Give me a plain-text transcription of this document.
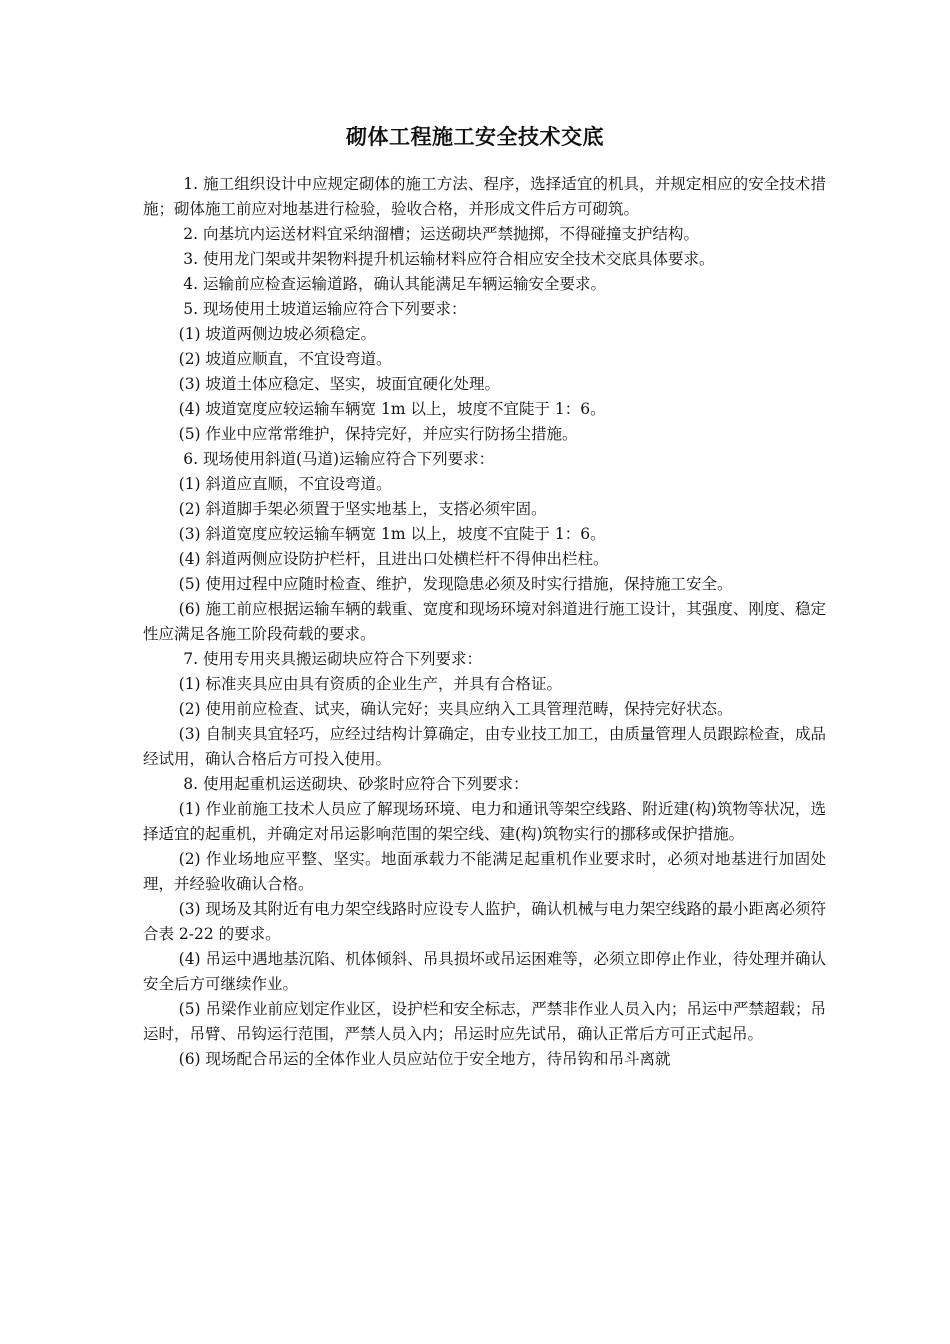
砌体工程施工安全技术交底

1. 施工组织设计中应规定砌体的施工方法、程序，选择适宜的机具，并规定相应的安全技术措施；砌体施工前应对地基进行检验，验收合格，并形成文件后方可砌筑。

2. 向基坑内运送材料宜采纳溜槽；运送砌块严禁抛掷，不得碰撞支护结构。

3. 使用龙门架或井架物料提升机运输材料应符合相应安全技术交底具体要求。

4. 运输前应检查运输道路，确认其能满足车辆运输安全要求。

5. 现场使用土坡道运输应符合下列要求：

(1) 坡道两侧边坡必须稳定。

(2) 坡道应顺直，不宜设弯道。

(3) 坡道土体应稳定、坚实，坡面宜硬化处理。

(4) 坡道宽度应较运输车辆宽 1m 以上，坡度不宜陡于 1：6。

(5) 作业中应常常维护，保持完好，并应实行防扬尘措施。

6. 现场使用斜道(马道)运输应符合下列要求：

(1) 斜道应直顺，不宜设弯道。

(2) 斜道脚手架必须置于坚实地基上，支搭必须牢固。

(3) 斜道宽度应较运输车辆宽 1m 以上，坡度不宜陡于 1：6。

(4) 斜道两侧应设防护栏杆，且进出口处横栏杆不得伸出栏柱。

(5) 使用过程中应随时检查、维护，发现隐患必须及时实行措施，保持施工安全。

(6) 施工前应根据运输车辆的载重、宽度和现场环境对斜道进行施工设计，其强度、刚度、稳定性应满足各施工阶段荷载的要求。

7. 使用专用夹具搬运砌块应符合下列要求：

(1) 标准夹具应由具有资质的企业生产，并具有合格证。

(2) 使用前应检查、试夹，确认完好；夹具应纳入工具管理范畴，保持完好状态。

(3) 自制夹具宜轻巧，应经过结构计算确定，由专业技工加工，由质量管理人员跟踪检查，成品经试用，确认合格后方可投入使用。

8. 使用起重机运送砌块、砂浆时应符合下列要求：

(1) 作业前施工技术人员应了解现场环境、电力和通讯等架空线路、附近建(构)筑物等状况，选择适宜的起重机，并确定对吊运影响范围的架空线、建(构)筑物实行的挪移或保护措施。

(2) 作业场地应平整、坚实。地面承载力不能满足起重机作业要求时，必须对地基进行加固处理，并经验收确认合格。

(3) 现场及其附近有电力架空线路时应设专人监护，确认机械与电力架空线路的最小距离必须符合表 2-22 的要求。

(4) 吊运中遇地基沉陷、机体倾斜、吊具损坏或吊运困难等，必须立即停止作业，待处理并确认安全后方可继续作业。

(5) 吊梁作业前应划定作业区，设护栏和安全标志，严禁非作业人员入内；吊运中严禁超载；吊运时，吊臂、吊钩运行范围，严禁人员入内；吊运时应先试吊，确认正常后方可正式起吊。

(6) 现场配合吊运的全体作业人员应站位于安全地方，待吊钩和吊斗离就
